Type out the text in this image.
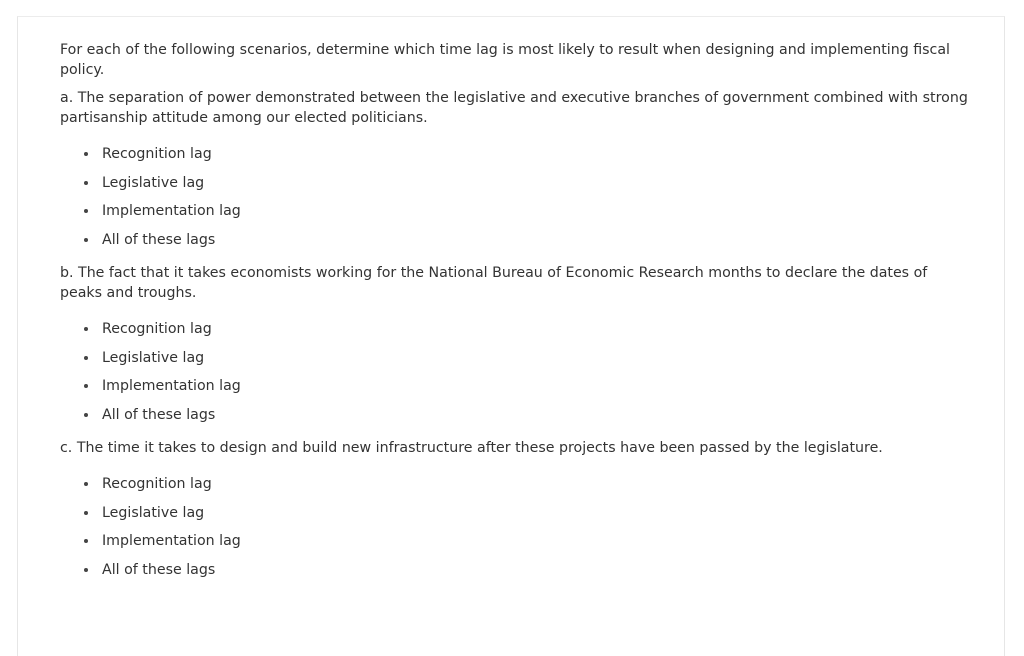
For each of the following scenarios, determine which time lag is most likely to result when designing and implementing fiscal policy.

a. The separation of power demonstrated between the legislative and executive branches of government combined with strong partisanship attitude among our elected politicians.

Recognition lag
Legislative lag
Implementation lag
All of these lags

b. The fact that it takes economists working for the National Bureau of Economic Research months to declare the dates of peaks and troughs.

Recognition lag
Legislative lag
Implementation lag
All of these lags

c. The time it takes to design and build new infrastructure after these projects have been passed by the legislature.

Recognition lag
Legislative lag
Implementation lag
All of these lags
